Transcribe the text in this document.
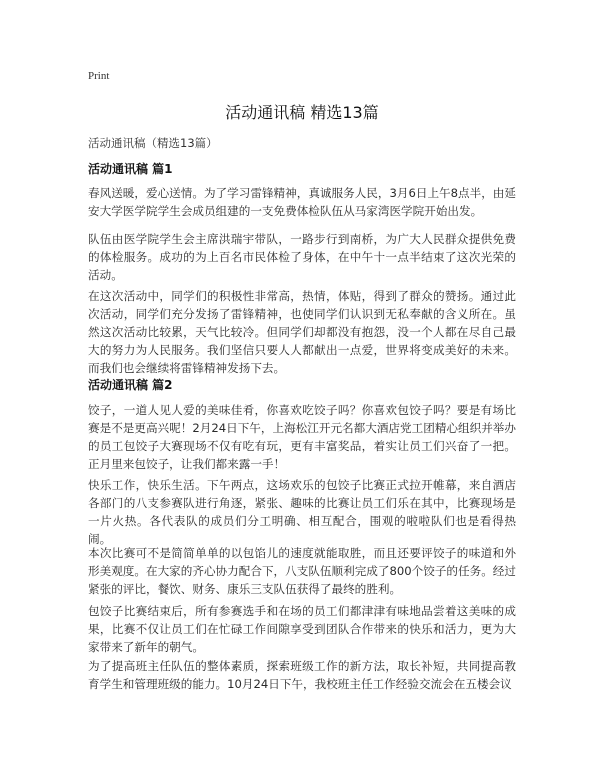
Print
活动通讯稿 精选13篇

活动通讯稿（精选13篇）

活动通讯稿 篇1

春风送暖，爱心送情。为了学习雷锋精神，真诚服务人民，3月6日上午8点半，由延安大学医学院学生会成员组建的一支免费体检队伍从马家湾医学院开始出发。

队伍由医学院学生会主席洪瑞宇带队，一路步行到南桥，为广大人民群众提供免费的体检服务。成功的为上百名市民体检了身体，在中午十一点半结束了这次光荣的活动。

在这次活动中，同学们的积极性非常高，热情，体贴，得到了群众的赞扬。通过此次活动，同学们充分发扬了雷锋精神，也使同学们认识到无私奉献的含义所在。虽然这次活动比较累，天气比较冷。但同学们却都没有抱怨，没一个人都在尽自己最大的努力为人民服务。我们坚信只要人人都献出一点爱，世界将变成美好的未来。而我们也会继续将雷锋精神发扬下去。

活动通讯稿 篇2

饺子，一道人见人爱的美味佳肴，你喜欢吃饺子吗？你喜欢包饺子吗？要是有场比赛是不是更高兴呢！2月24日下午，上海松江开元名都大酒店党工团精心组织并举办的员工包饺子大赛现场不仅有吃有玩，更有丰富奖品，着实让员工们兴奋了一把。正月里来包饺子，让我们都来露一手！

快乐工作，快乐生活。下午两点，这场欢乐的包饺子比赛正式拉开帷幕，来自酒店各部门的八支参赛队进行角逐，紧张、趣味的比赛让员工们乐在其中，比赛现场是一片火热。各代表队的成员们分工明确、相互配合，围观的啦啦队们也是看得热闹。

本次比赛可不是简简单单的以包馅儿的速度就能取胜，而且还要评饺子的味道和外形美观度。在大家的齐心协力配合下，八支队伍顺利完成了800个饺子的任务。经过紧张的评比，餐饮、财务、康乐三支队伍获得了最终的胜利。

包饺子比赛结束后，所有参赛选手和在场的员工们都津津有味地品尝着这美味的成果，比赛不仅让员工们在忙碌工作间隙享受到团队合作带来的快乐和活力，更为大家带来了新年的朝气。

为了提高班主任队伍的整体素质，探索班级工作的新方法，取长补短，共同提高教育学生和管理班级的能力。10月24日下午，我校班主任工作经验交流会在五楼会议
